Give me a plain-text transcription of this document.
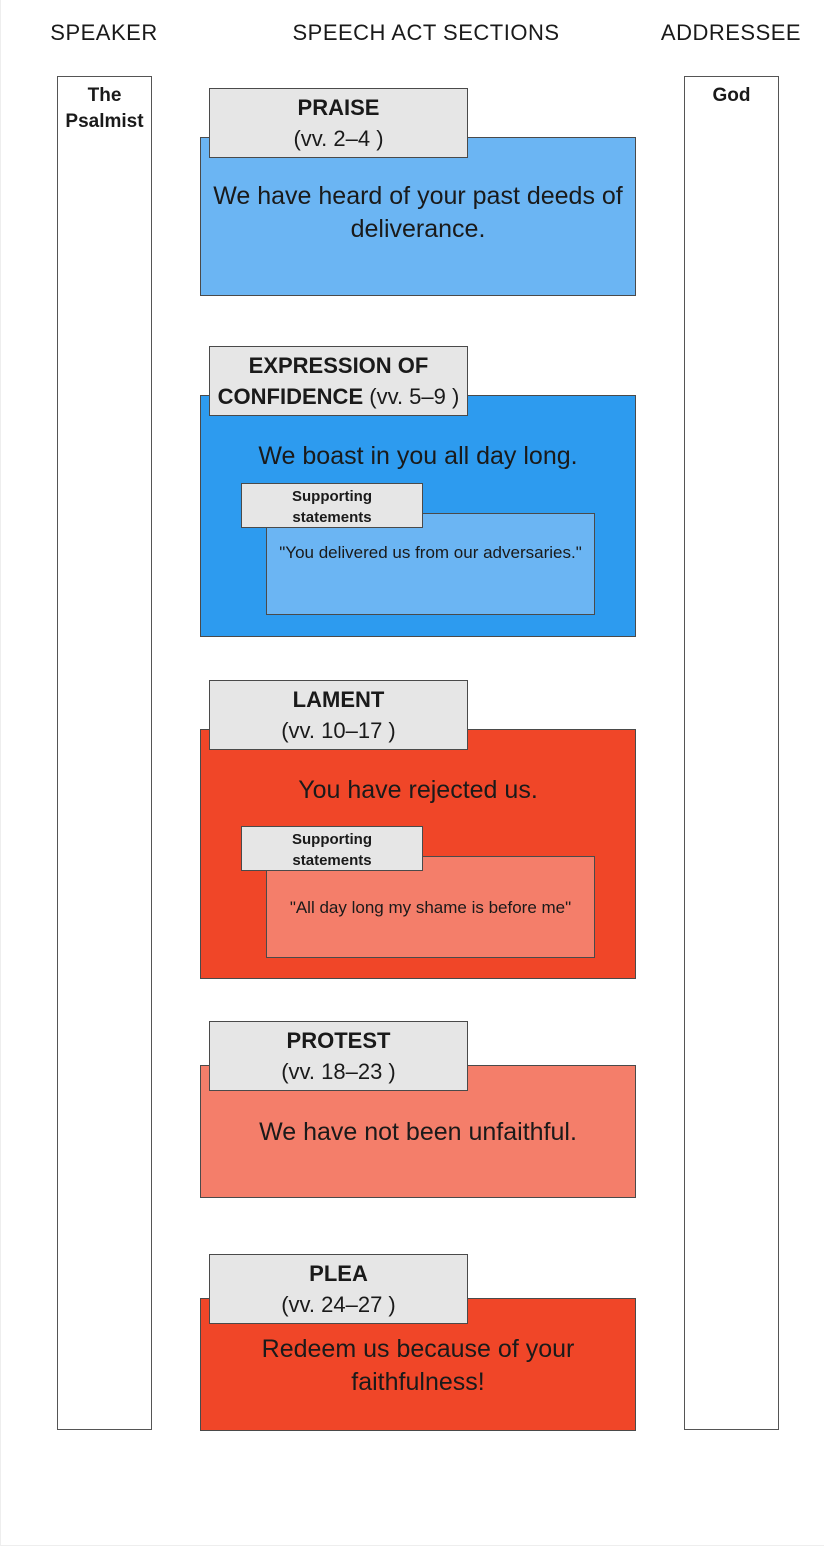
SPEAKER	SPEECH ACT SECTIONS	ADDRESSEE
The
Psalmist
God
We have heard of your past deeds of deliverance.
PRAISE
(vv. 2–4 )
We boast in you all day long.
EXPRESSION OF
CONFIDENCE (vv. 5–9 )
"You delivered us from our adversaries."
Supporting
statements
You have rejected us.
LAMENT
(vv. 10–17 )
"All day long my shame is before me"
Supporting
statements
We have not been unfaithful.
PROTEST
(vv. 18–23 )
Redeem us because of your faithfulness!
PLEA
(vv. 24–27 )
